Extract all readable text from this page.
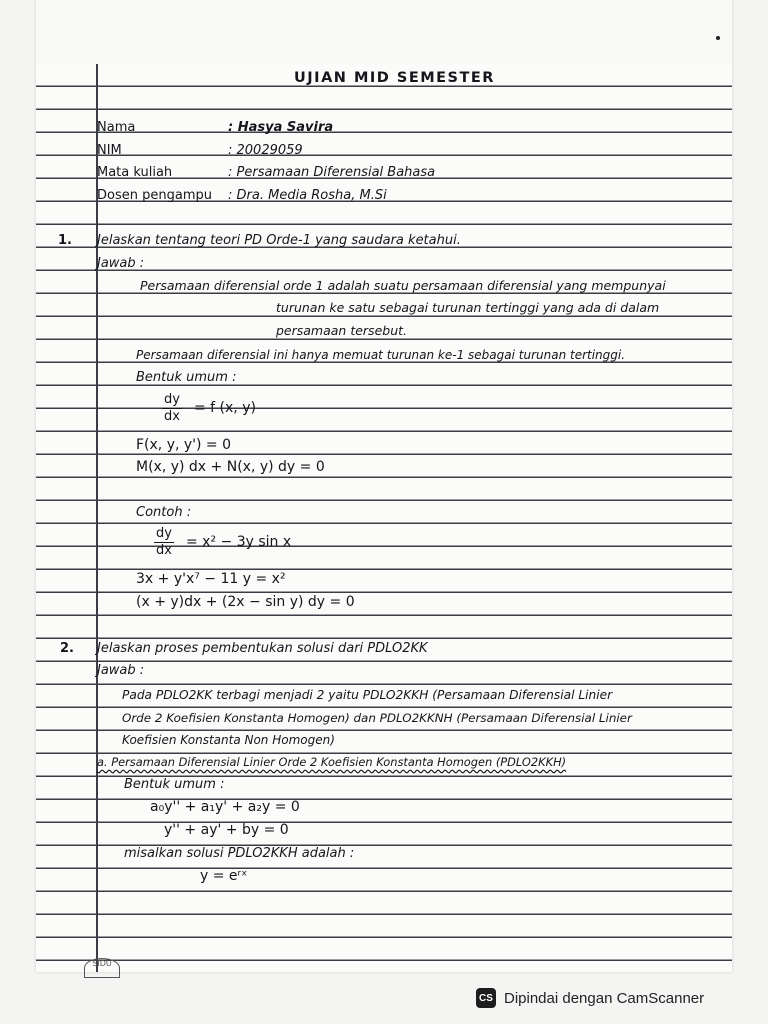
UJIAN MID SEMESTER
Nama	: Hasya Savira
NIM	: 20029059
Mata kuliah	: Persamaan Diferensial Bahasa
Dosen pengampu : Dra. Media Rosha, M.Si
1. Jelaskan tentang teori PD Orde-1 yang saudara ketahui.
Jawab :
Persamaan diferensial orde 1 adalah suatu persamaan diferensial yang mempunyai
turunan ke satu sebagai turunan tertinggi yang ada di dalam
persamaan tersebut.
Persamaan diferensial ini hanya memuat turunan ke-1 sebagai turunan tertinggi.
Bentuk umum :
$\frac{dy}{dx} = f$ (x, y)
F(x, y, y') = 0
M(x, y) dx + N(x, y) dy = 0
Contoh :
$\frac{dy}{dx} = x^2 - 3y$ sin x
3x + y'x⁷ − 11 y = x²
(x + y)dx + (2x − sin y) dy = 0
2. Jelaskan proses pembentukan solusi dari PDLO2KK
Jawab :
Pada PDLO2KK terbagi menjadi 2 yaitu PDLO2KKH (Persamaan Diferensial Linier
Orde 2 Koefisien Konstanta Homogen) dan PDLO2KKNH (Persamaan Diferensial Linier
Koefisien Konstanta Non Homogen)
a. Persamaan Diferensial Linier Orde 2 Koefisien Konstanta Homogen (PDLO2KKH)
Bentuk umum :
a₀y'' + a₁y' + a₂y = 0
y'' + ay' + by = 0
misalkan solusi PDLO2KKH adalah :
y = eʳˣ
SIDU
CS Dipindai dengan CamScanner
